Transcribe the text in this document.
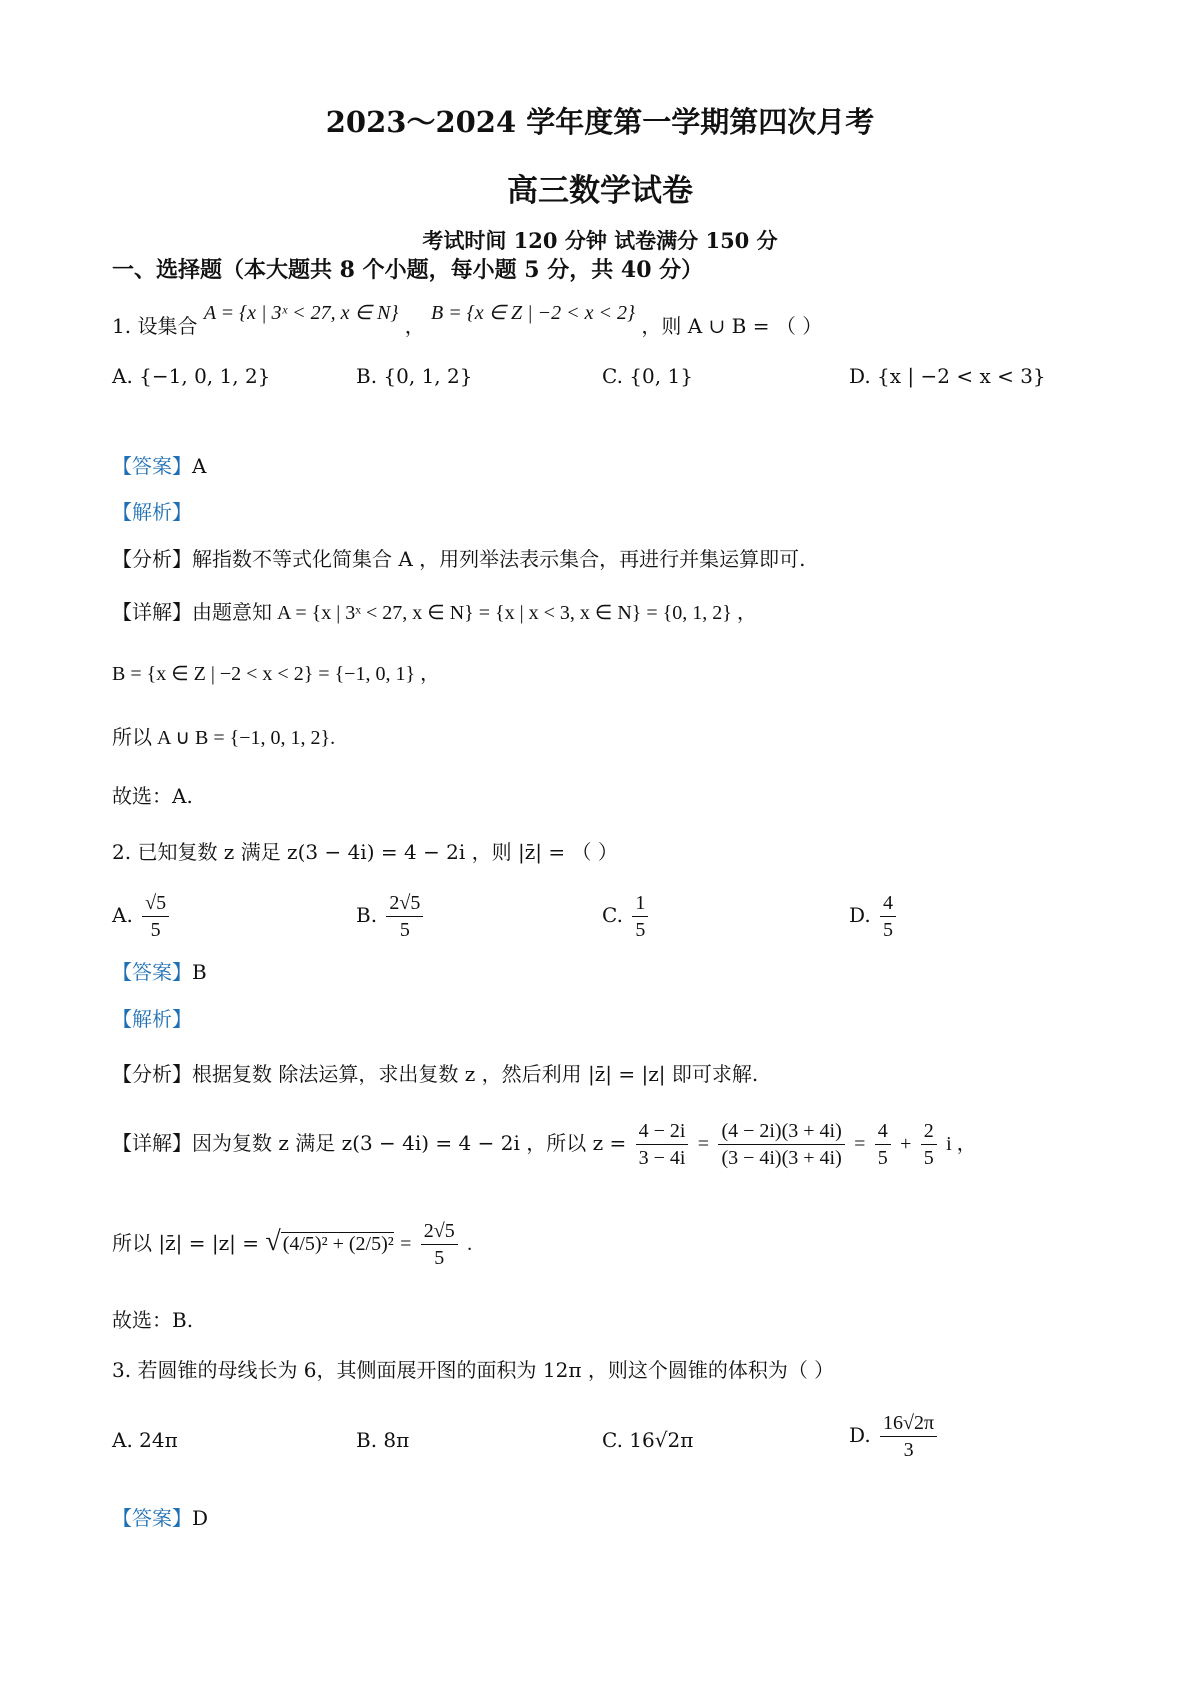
2023～2024 学年度第一学期第四次月考
高三数学试卷
考试时间 120 分钟 试卷满分 150 分
一、选择题（本大题共 8 个小题，每小题 5 分，共 40 分）
1. 设集合 A = {x | 3ˣ < 27, x ∈ N} ， B = {x ∈ Z | −2 < x < 2} ，则 A ∪ B = （ ）
A. {−1, 0, 1, 2}	B. {0, 1, 2}	C. {0, 1}	D. {x | −2 < x < 3}
【答案】A
【解析】
【分析】解指数不等式化简集合 A ，用列举法表示集合，再进行并集运算即可.
【详解】由题意知 A = {x | 3ˣ < 27, x ∈ N} = {x | x < 3, x ∈ N} = {0, 1, 2} ，
B = {x ∈ Z | −2 < x < 2} = {−1, 0, 1} ，
所以 A ∪ B = {−1, 0, 1, 2}.
故选：A.
2. 已知复数 z 满足 z(3 − 4i) = 4 − 2i ，则 |z̄| = （ ）
A. $\frac{√5}{5}$	B. $\frac{2√5}{5}$	C. $\frac{1}{5}$	D. $\frac{4}{5}$
【答案】B
【解析】
【分析】根据复数 除法运算，求出复数 z ，然后利用 |z̄| = |z| 即可求解.
【详解】因为复数 z 满足 z(3 − 4i) = 4 − 2i ，所以 $z = \frac{4 - 2i}{3 - 4i} = \frac{(4 - 2i)(3 + 4i)}{(3 - 4i)(3 + 4i)} = \frac{4}{5} + \frac{2}{5}$ i ，
所以 |z̄| = |z| = √ $(4/5)^2 + (2/5)^2 = \frac{2√5}{5}$ .
故选：B.
3. 若圆锥的母线长为 6，其侧面展开图的面积为 12π ，则这个圆锥的体积为（ ）
A. 24π	B. 8π	C. 16√2π	D. $\frac{16√2\pi}{3}$
【答案】D
